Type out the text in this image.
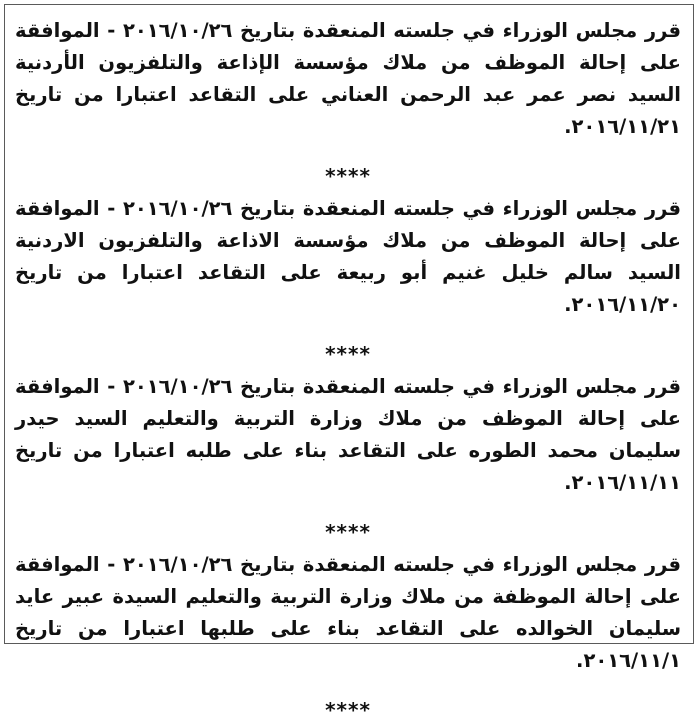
قرر مجلس الوزراء في جلسته المنعقدة بتاريخ ٢٠١٦/١٠/٢٦ - الموافقة على إحالة الموظف من ملاك مؤسسة الإذاعة والتلفزيون الأردنية السيد نصر عمر عبد الرحمن العناني على التقاعد اعتبارا من تاريخ ٢٠١٦/١١/٢١.

****

قرر مجلس الوزراء في جلسته المنعقدة بتاريخ ٢٠١٦/١٠/٢٦ - الموافقة على إحالة الموظف من ملاك مؤسسة الاذاعة والتلفزيون الاردنية السيد سالم خليل غنيم أبو ربيعة على التقاعد اعتبارا من تاريخ ٢٠١٦/١١/٢٠.

****

قرر مجلس الوزراء في جلسته المنعقدة بتاريخ ٢٠١٦/١٠/٢٦ - الموافقة على إحالة الموظف من ملاك وزارة التربية والتعليم السيد حيدر سليمان محمد الطوره على التقاعد بناء على طلبه اعتبارا من تاريخ ٢٠١٦/١١/١١.

****

قرر مجلس الوزراء في جلسته المنعقدة بتاريخ ٢٠١٦/١٠/٢٦ - الموافقة على إحالة الموظفة من ملاك وزارة التربية والتعليم السيدة عبير عايد سليمان الخوالده على التقاعد بناء على طلبها اعتبارا من تاريخ ٢٠١٦/١١/١.

****
